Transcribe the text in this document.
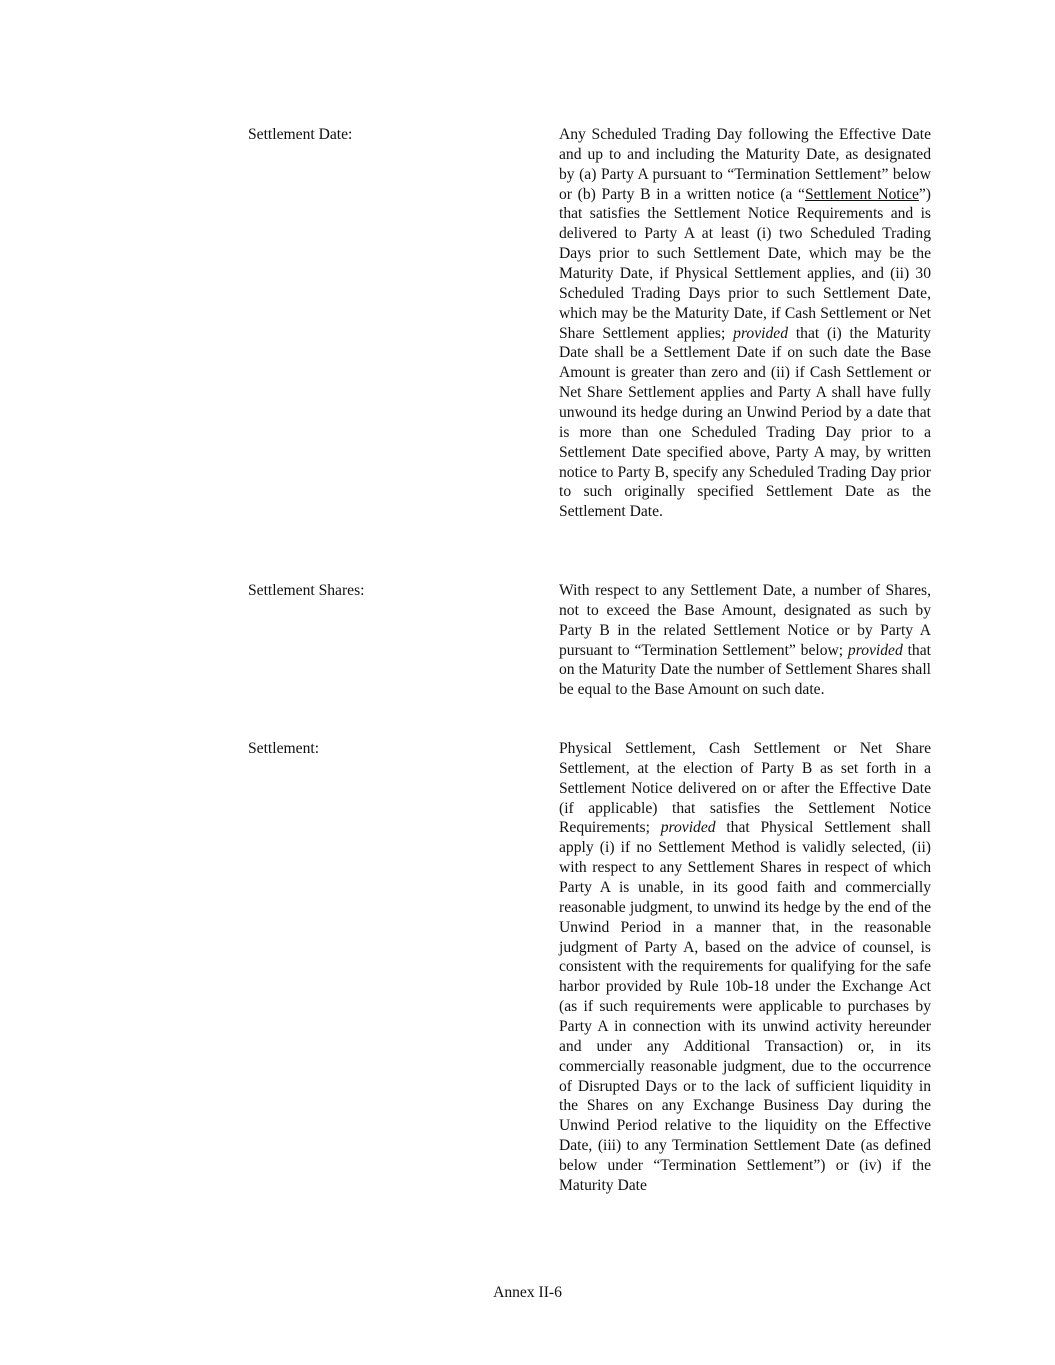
Settlement Date:	Any Scheduled Trading Day following the Effective Date and up to and including the Maturity Date, as designated by (a) Party A pursuant to “Termination Settlement” below or (b) Party B in a written notice (a “Settlement Notice”) that satisfies the Settlement Notice Requirements and is delivered to Party A at least (i) two Scheduled Trading Days prior to such Settlement Date, which may be the Maturity Date, if Physical Settlement applies, and (ii) 30 Scheduled Trading Days prior to such Settlement Date, which may be the Maturity Date, if Cash Settlement or Net Share Settlement applies; provided that (i) the Maturity Date shall be a Settlement Date if on such date the Base Amount is greater than zero and (ii) if Cash Settlement or Net Share Settlement applies and Party A shall have fully unwound its hedge during an Unwind Period by a date that is more than one Scheduled Trading Day prior to a Settlement Date specified above, Party A may, by written notice to Party B, specify any Scheduled Trading Day prior to such originally specified Settlement Date as the Settlement Date.
Settlement Shares:	With respect to any Settlement Date, a number of Shares, not to exceed the Base Amount, designated as such by Party B in the related Settlement Notice or by Party A pursuant to “Termination Settlement” below; provided that on the Maturity Date the number of Settlement Shares shall be equal to the Base Amount on such date.
Settlement:	Physical Settlement, Cash Settlement or Net Share Settlement, at the election of Party B as set forth in a Settlement Notice delivered on or after the Effective Date (if applicable) that satisfies the Settlement Notice Requirements; provided that Physical Settlement shall apply (i) if no Settlement Method is validly selected, (ii) with respect to any Settlement Shares in respect of which Party A is unable, in its good faith and commercially reasonable judgment, to unwind its hedge by the end of the Unwind Period in a manner that, in the reasonable judgment of Party A, based on the advice of counsel, is consistent with the requirements for qualifying for the safe harbor provided by Rule 10b-18 under the Exchange Act (as if such requirements were applicable to purchases by Party A in connection with its unwind activity hereunder and under any Additional Transaction) or, in its commercially reasonable judgment, due to the occurrence of Disrupted Days or to the lack of sufficient liquidity in the Shares on any Exchange Business Day during the Unwind Period relative to the liquidity on the Effective Date, (iii) to any Termination Settlement Date (as defined below under “Termination Settlement”) or (iv) if the Maturity Date
Annex II-6
